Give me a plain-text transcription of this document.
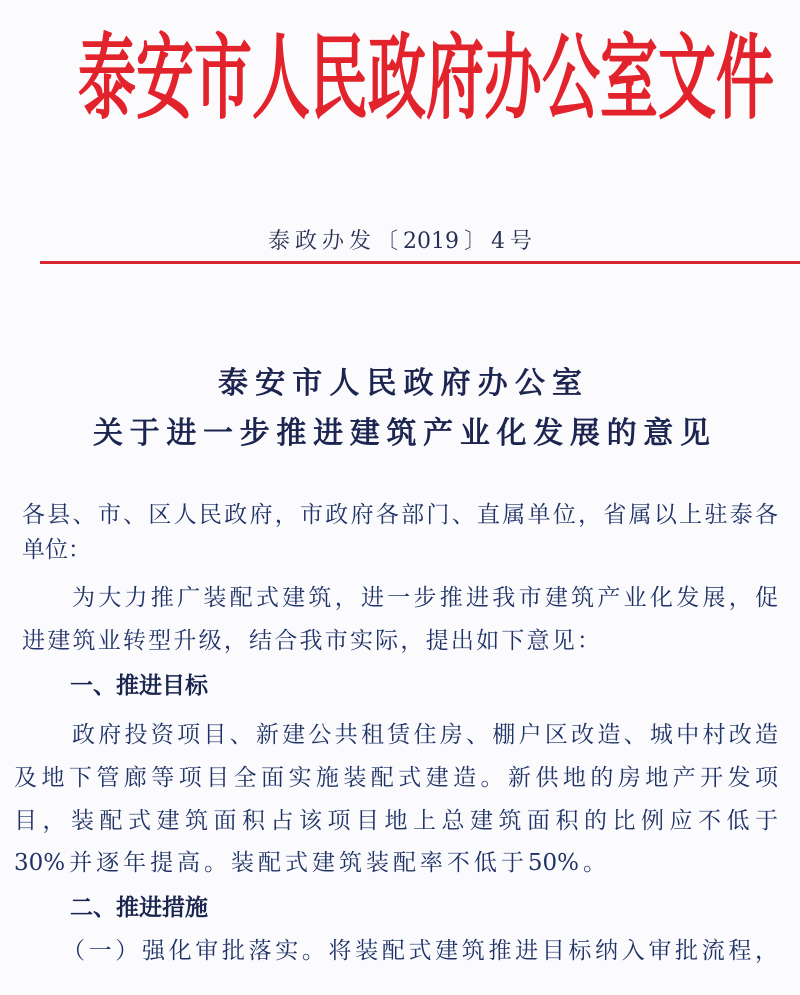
泰安市人民政府办公室文件
泰政办发〔2019〕4号
泰安市人民政府办公室
关于进一步推进建筑产业化发展的意见
各县、市、区人民政府，市政府各部门、直属单位，省属以上驻泰各
单位：
为大力推广装配式建筑，进一步推进我市建筑产业化发展，促
进建筑业转型升级，结合我市实际，提出如下意见：
一、推进目标
政府投资项目、新建公共租赁住房、棚户区改造、城中村改造
及地下管廊等项目全面实施装配式建造。新供地的房地产开发项
目，装配式建筑面积占该项目地上总建筑面积的比例应不低于
30%并逐年提高。装配式建筑装配率不低于50%。
二、推进措施
（一）强化审批落实。将装配式建筑推进目标纳入审批流程，
